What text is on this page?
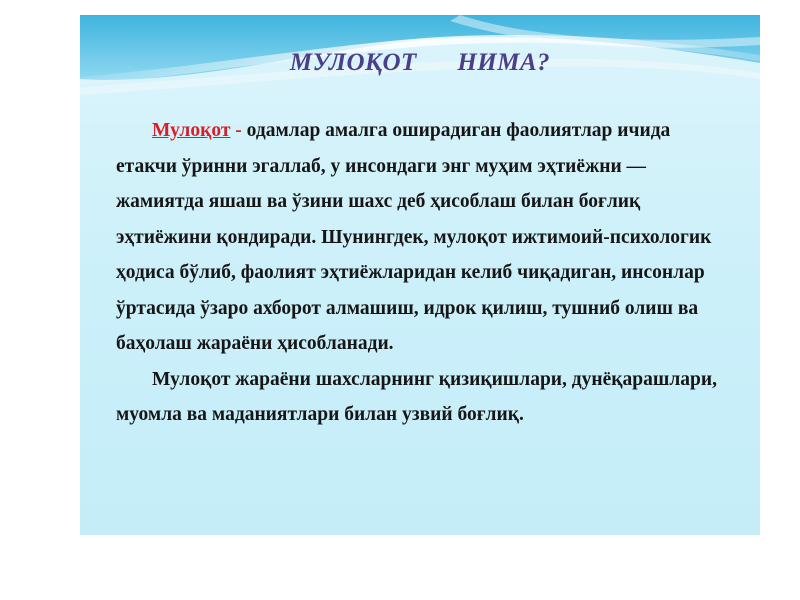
МУЛОҚОТ      НИМА?

Мулоқот - одамлар амалга оширадиган фаолиятлар ичида етакчи ўринни эгаллаб, у инсондаги энг муҳим эҳтиёжни — жамиятда яшаш ва ўзини шахс деб ҳисоблаш билан боғлиқ эҳтиёжини қондиради. Шунингдек, мулоқот ижтимоий-психологик ҳодиса бўлиб, фаолият эҳтиёжларидан келиб чиқадиган, инсонлар ўртасида ўзаро ахборот алмашиш, идрок қилиш, тушниб олиш ва баҳолаш жараёни ҳисобланади.

Мулоқот жараёни шахсларнинг қизиқишлари, дунёқарашлари, муомла ва маданиятлари билан узвий боғлиқ.
